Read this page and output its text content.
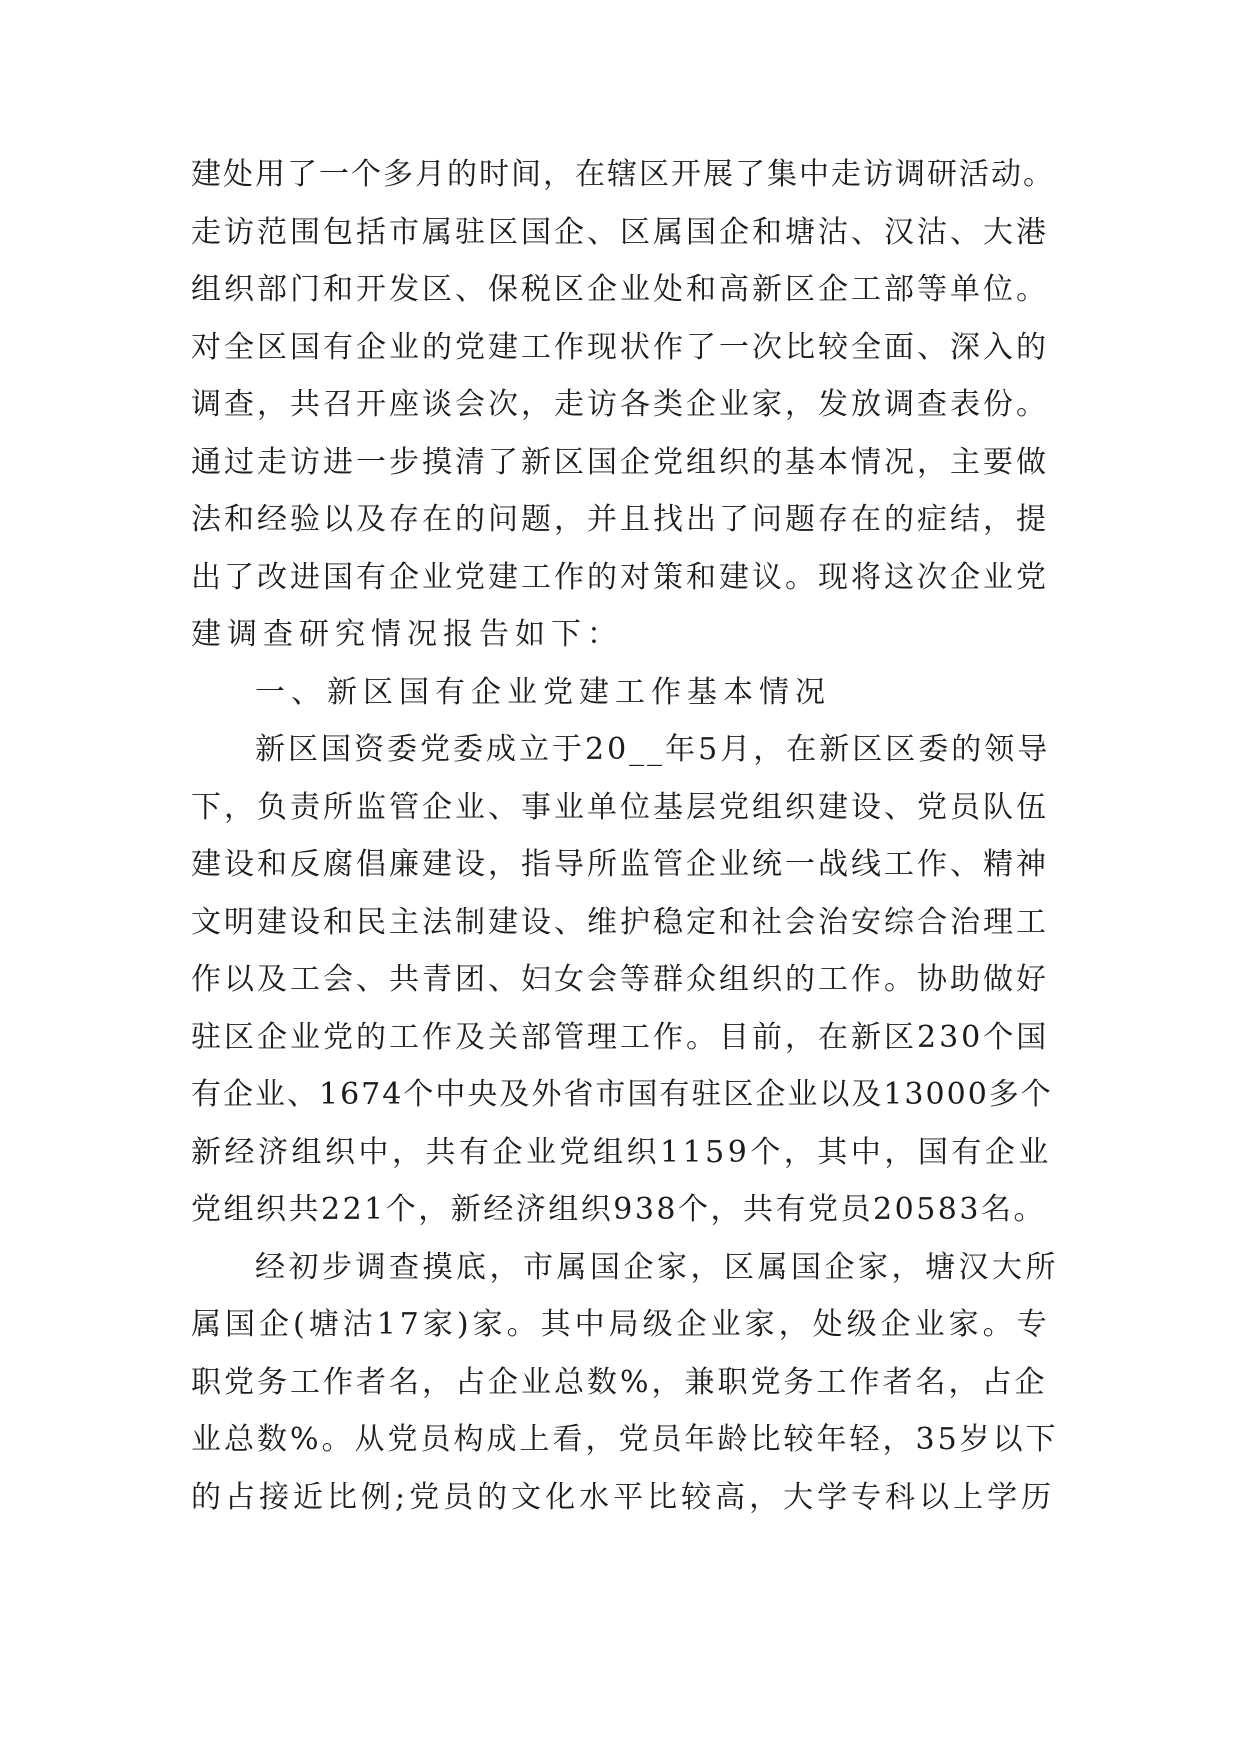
建处用了一个多月的时间，在辖区开展了集中走访调研活动。
走访范围包括市属驻区国企、区属国企和塘沽、汉沽、大港
组织部门和开发区、保税区企业处和高新区企工部等单位。
对全区国有企业的党建工作现状作了一次比较全面、深入的
调查，共召开座谈会次，走访各类企业家，发放调查表份。
通过走访进一步摸清了新区国企党组织的基本情况，主要做
法和经验以及存在的问题，并且找出了问题存在的症结，提
出了改进国有企业党建工作的对策和建议。现将这次企业党
建调查研究情况报告如下：
一、新区国有企业党建工作基本情况
新区国资委党委成立于20__年5月，在新区区委的领导
下，负责所监管企业、事业单位基层党组织建设、党员队伍
建设和反腐倡廉建设，指导所监管企业统一战线工作、精神
文明建设和民主法制建设、维护稳定和社会治安综合治理工
作以及工会、共青团、妇女会等群众组织的工作。协助做好
驻区企业党的工作及关部管理工作。目前，在新区230个国
有企业、1674个中央及外省市国有驻区企业以及13000多个
新经济组织中，共有企业党组织1159个，其中，国有企业
党组织共221个，新经济组织938个，共有党员20583名。
经初步调查摸底，市属国企家，区属国企家，塘汉大所
属国企(塘沽17家)家。其中局级企业家，处级企业家。专
职党务工作者名，占企业总数%，兼职党务工作者名，占企
业总数%。从党员构成上看，党员年龄比较年轻，35岁以下
的占接近比例;党员的文化水平比较高，大学专科以上学历
